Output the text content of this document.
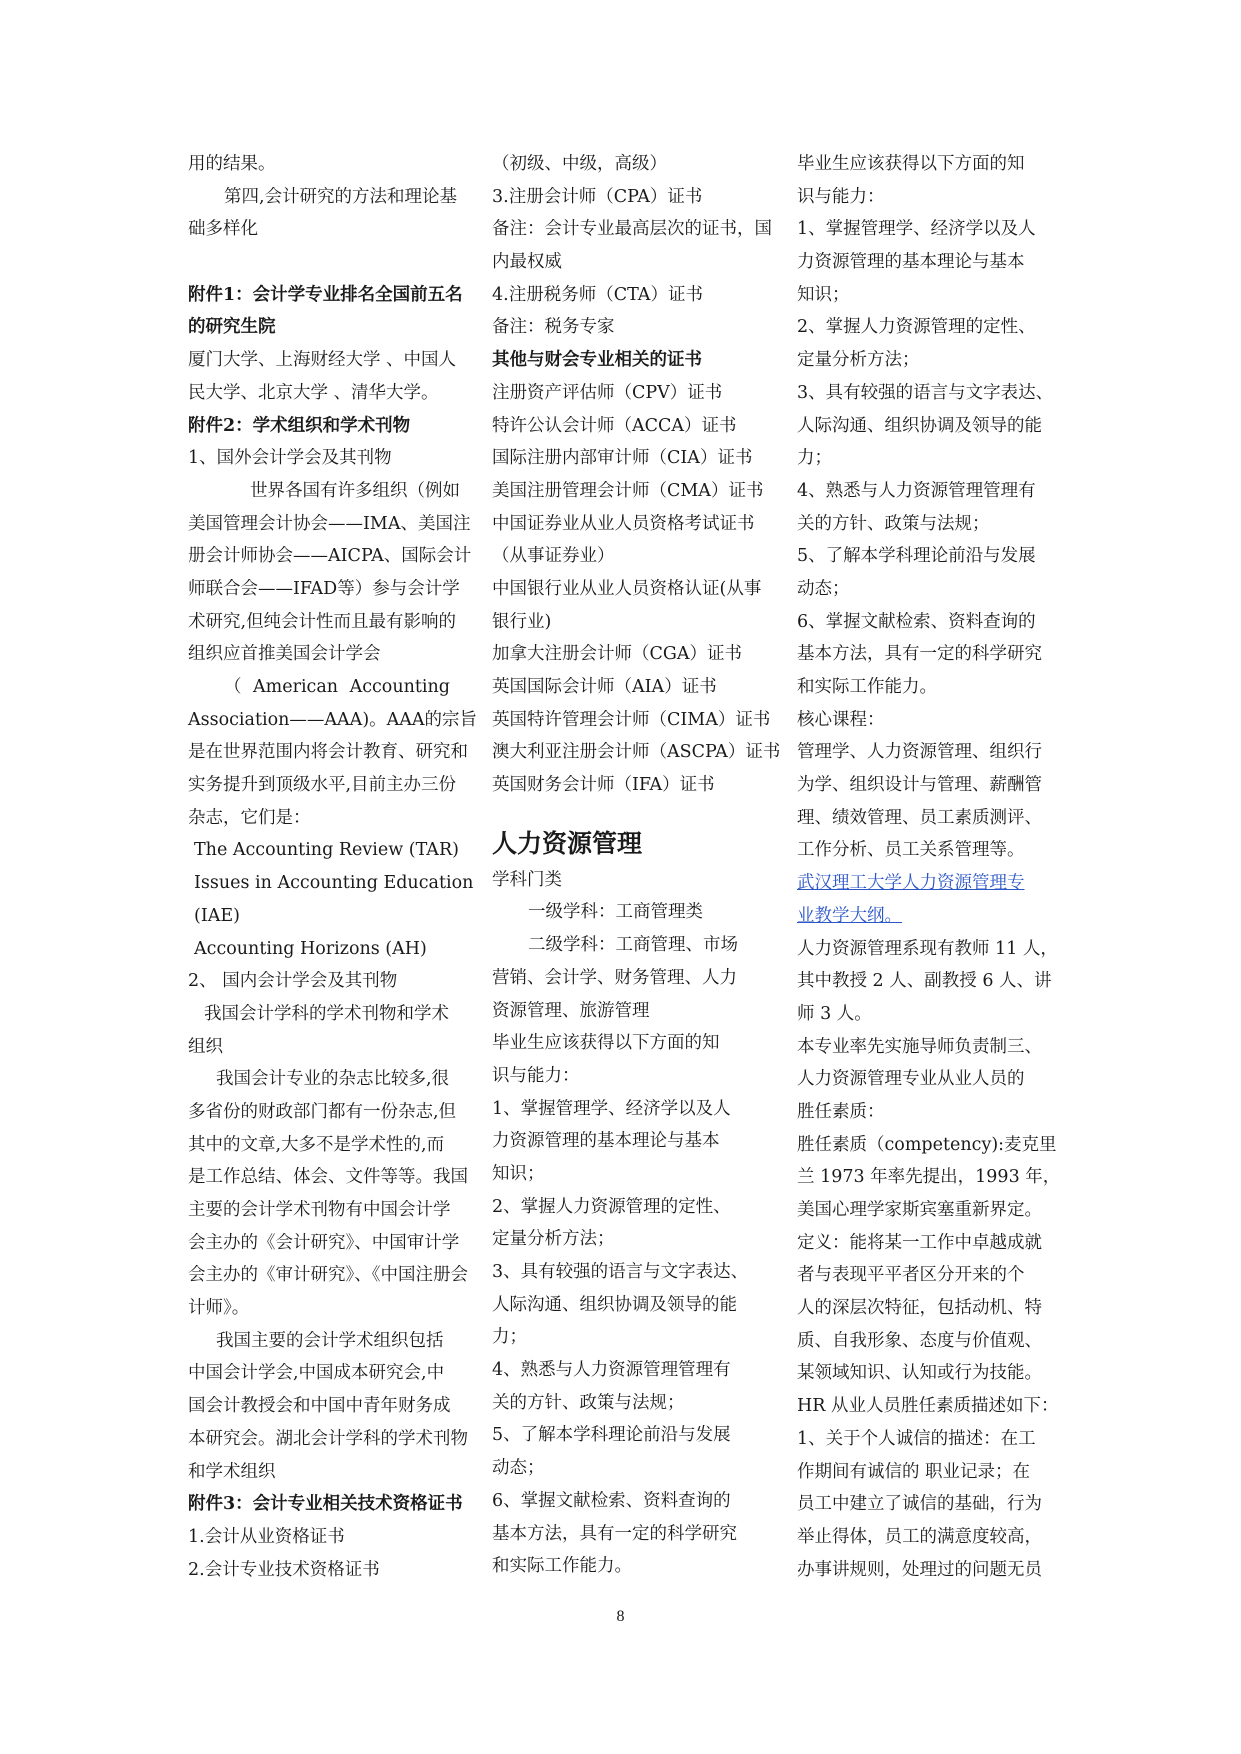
用的结果。
第四,会计研究的方法和理论基
础多样化
附件1：会计学专业排名全国前五名
的研究生院
厦门大学、上海财经大学 、中国人
民大学、北京大学 、清华大学。
附件2：学术组织和学术刊物
1、国外会计学会及其刊物
世界各国有许多组织（例如
美国管理会计协会——IMA、美国注
册会计师协会——AICPA、国际会计
师联合会——IFAD等）参与会计学
术研究,但纯会计性而且最有影响的
组织应首推美国会计学会
（ American Accounting
Association——AAA)。AAA的宗旨
是在世界范围内将会计教育、研究和
实务提升到顶级水平,目前主办三份
杂志，它们是：
The Accounting Review (TAR)
Issues in Accounting Education
(IAE)
Accounting Horizons (AH)
2、 国内会计学会及其刊物
我国会计学科的学术刊物和学术
组织
我国会计专业的杂志比较多,很
多省份的财政部门都有一份杂志,但
其中的文章,大多不是学术性的,而
是工作总结、体会、文件等等。我国
主要的会计学术刊物有中国会计学
会主办的《会计研究》、中国审计学
会主办的《审计研究》、《中国注册会
计师》。
我国主要的会计学术组织包括
中国会计学会,中国成本研究会,中
国会计教授会和中国中青年财务成
本研究会。湖北会计学科的学术刊物
和学术组织
附件3：会计专业相关技术资格证书
1.会计从业资格证书
2.会计专业技术资格证书
（初级、中级，高级）
3.注册会计师（CPA）证书
备注：会计专业最高层次的证书，国
内最权威
4.注册税务师（CTA）证书
备注：税务专家
其他与财会专业相关的证书
注册资产评估师（CPV）证书
特许公认会计师（ACCA）证书
国际注册内部审计师（CIA）证书
美国注册管理会计师（CMA）证书
中国证券业从业人员资格考试证书
（从事证券业）
中国银行业从业人员资格认证(从事
银行业)
加拿大注册会计师（CGA）证书
英国国际会计师（AIA）证书
英国特许管理会计师（CIMA）证书
澳大利亚注册会计师（ASCPA）证书
英国财务会计师（IFA）证书
人力资源管理
学科门类
一级学科：工商管理类
二级学科：工商管理、市场
营销、会计学、财务管理、人力
资源管理、旅游管理
毕业生应该获得以下方面的知
识与能力：
1、掌握管理学、经济学以及人
力资源管理的基本理论与基本
知识；
2、掌握人力资源管理的定性、
定量分析方法；
3、具有较强的语言与文字表达、
人际沟通、组织协调及领导的能
力；
4、熟悉与人力资源管理管理有
关的方针、政策与法规；
5、了解本学科理论前沿与发展
动态；
6、掌握文献检索、资料查询的
基本方法，具有一定的科学研究
和实际工作能力。
毕业生应该获得以下方面的知
识与能力：
1、掌握管理学、经济学以及人
力资源管理的基本理论与基本
知识；
2、掌握人力资源管理的定性、
定量分析方法；
3、具有较强的语言与文字表达、
人际沟通、组织协调及领导的能
力；
4、熟悉与人力资源管理管理有
关的方针、政策与法规；
5、了解本学科理论前沿与发展
动态；
6、掌握文献检索、资料查询的
基本方法，具有一定的科学研究
和实际工作能力。
核心课程：
管理学、人力资源管理、组织行
为学、组织设计与管理、薪酬管
理、绩效管理、员工素质测评、
工作分析、员工关系管理等。
武汉理工大学人力资源管理专
业教学大纲。
人力资源管理系现有教师 11 人，
其中教授 2 人、副教授 6 人、讲
师 3 人。
本专业率先实施导师负责制三、
人力资源管理专业从业人员的
胜任素质：
胜任素质（competency):麦克里
兰 1973 年率先提出，1993 年，
美国心理学家斯宾塞重新界定。
定义：能将某一工作中卓越成就
者与表现平平者区分开来的个
人的深层次特征，包括动机、特
质、自我形象、态度与价值观、
某领域知识、认知或行为技能。
HR 从业人员胜任素质描述如下：
1、关于个人诚信的描述：在工
作期间有诚信的 职业记录；在
员工中建立了诚信的基础，行为
举止得体，员工的满意度较高，
办事讲规则，处理过的问题无员
8
